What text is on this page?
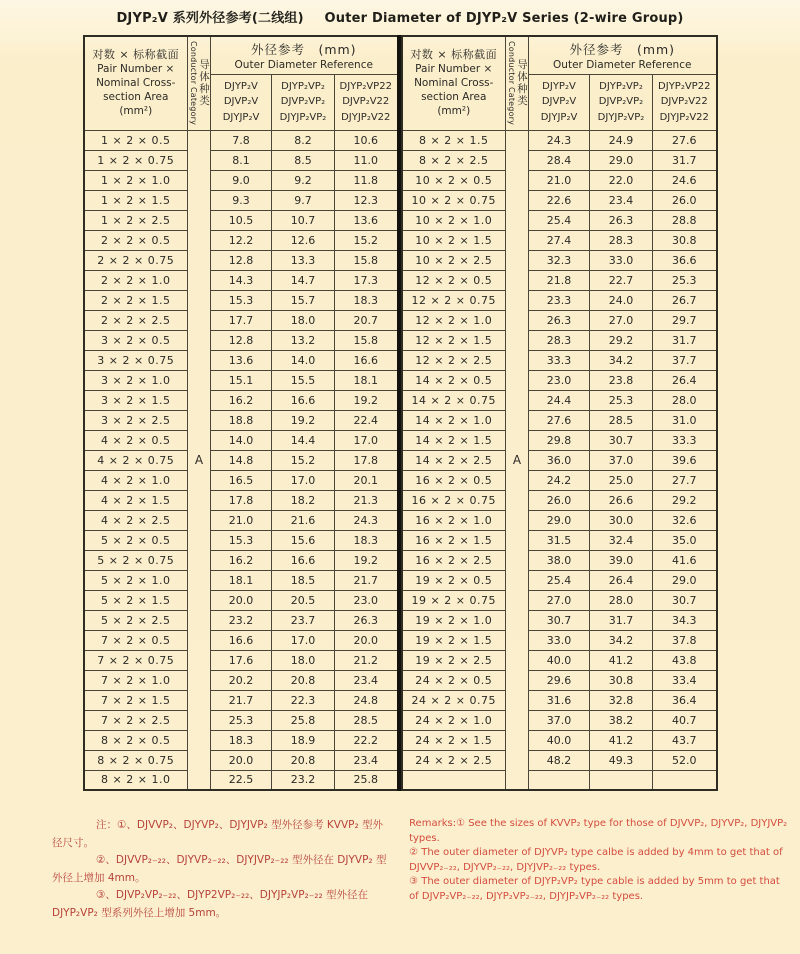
DJYP₂V 系列外径参考(二线组) Outer Diameter of DJYP₂V Series (2-wire Group)
对数 × 标称截面
Pair Number ×
Nominal Cross-
section Area
(mm²)	Conductor Category 导体种类

外径参考　(mm)
Outer Diameter Reference

DJYP₂V
DJVP₂V
DJYJP₂V

DJYP₂VP₂
DJVP₂VP₂
DJYJP₂VP₂

DJYP₂VP22
DJVP₂V22
DJYJP₂V22

1 × 2 × 0.5	A	7.8	8.2	10.6
1 × 2 × 0.75		8.1	8.5	11.0
1 × 2 × 1.0		9.0	9.2	11.8
1 × 2 × 1.5		9.3	9.7	12.3
1 × 2 × 2.5		10.5	10.7	13.6
2 × 2 × 0.5		12.2	12.6	15.2
2 × 2 × 0.75		12.8	13.3	15.8
2 × 2 × 1.0		14.3	14.7	17.3
2 × 2 × 1.5		15.3	15.7	18.3
2 × 2 × 2.5		17.7	18.0	20.7
3 × 2 × 0.5		12.8	13.2	15.8
3 × 2 × 0.75		13.6	14.0	16.6
3 × 2 × 1.0		15.1	15.5	18.1
3 × 2 × 1.5		16.2	16.6	19.2
3 × 2 × 2.5		18.8	19.2	22.4
4 × 2 × 0.5		14.0	14.4	17.0
4 × 2 × 0.75		14.8	15.2	17.8
4 × 2 × 1.0		16.5	17.0	20.1
4 × 2 × 1.5		17.8	18.2	21.3
4 × 2 × 2.5		21.0	21.6	24.3
5 × 2 × 0.5		15.3	15.6	18.3
5 × 2 × 0.75		16.2	16.6	19.2
5 × 2 × 1.0		18.1	18.5	21.7
5 × 2 × 1.5		20.0	20.5	23.0
5 × 2 × 2.5		23.2	23.7	26.3
7 × 2 × 0.5		16.6	17.0	20.0
7 × 2 × 0.75		17.6	18.0	21.2
7 × 2 × 1.0		20.2	20.8	23.4
7 × 2 × 1.5		21.7	22.3	24.8
7 × 2 × 2.5		25.3	25.8	28.5
8 × 2 × 0.5		18.3	18.9	22.2
8 × 2 × 0.75		20.0	20.8	23.4
8 × 2 × 1.0		22.5	23.2	25.8
对数 × 标称截面
Pair Number ×
Nominal Cross-
section Area
(mm²)	Conductor Category 导体种类

外径参考　(mm)
Outer Diameter Reference

DJYP₂V
DJVP₂V
DJYJP₂V

DJYP₂VP₂
DJVP₂VP₂
DJYJP₂VP₂

DJYP₂VP22
DJVP₂V22
DJYJP₂V22

8 × 2 × 1.5	A	24.3	24.9	27.6
8 × 2 × 2.5		28.4	29.0	31.7
10 × 2 × 0.5		21.0	22.0	24.6
10 × 2 × 0.75		22.6	23.4	26.0
10 × 2 × 1.0		25.4	26.3	28.8
10 × 2 × 1.5		27.4	28.3	30.8
10 × 2 × 2.5		32.3	33.0	36.6
12 × 2 × 0.5		21.8	22.7	25.3
12 × 2 × 0.75		23.3	24.0	26.7
12 × 2 × 1.0		26.3	27.0	29.7
12 × 2 × 1.5		28.3	29.2	31.7
12 × 2 × 2.5		33.3	34.2	37.7
14 × 2 × 0.5		23.0	23.8	26.4
14 × 2 × 0.75		24.4	25.3	28.0
14 × 2 × 1.0		27.6	28.5	31.0
14 × 2 × 1.5		29.8	30.7	33.3
14 × 2 × 2.5		36.0	37.0	39.6
16 × 2 × 0.5		24.2	25.0	27.7
16 × 2 × 0.75		26.0	26.6	29.2
16 × 2 × 1.0		29.0	30.0	32.6
16 × 2 × 1.5		31.5	32.4	35.0
16 × 2 × 2.5		38.0	39.0	41.6
19 × 2 × 0.5		25.4	26.4	29.0
19 × 2 × 0.75		27.0	28.0	30.7
19 × 2 × 1.0		30.7	31.7	34.3
19 × 2 × 1.5		33.0	34.2	37.8
19 × 2 × 2.5		40.0	41.2	43.8
24 × 2 × 0.5		29.6	30.8	33.4
24 × 2 × 0.75		31.6	32.8	36.4
24 × 2 × 1.0		37.0	38.2	40.7
24 × 2 × 1.5		40.0	41.2	43.7
24 × 2 × 2.5		48.2	49.3	52.0

注：①、DJVVP₂、DJYVP₂、DJYJVP₂ 型外径参考 KVVP₂ 型外径尺寸。

②、DJVVP₂₋₂₂、DJYVP₂₋₂₂、DJYJVP₂₋₂₂ 型外径在 DJYVP₂ 型外径上增加 4mm。

③、DJVP₂VP₂₋₂₂、DJYP2VP₂₋₂₂、DJYJP₂VP₂₋₂₂ 型外径在 DJYP₂VP₂ 型系列外径上增加 5mm。

Remarks:① See the sizes of KVVP₂ type for those of DJVVP₂, DJYVP₂, DJYJVP₂ types.

② The outer diameter of DJYVP₂ type calbe is added by 4mm to get that of DJVVP₂₋₂₂, DJYVP₂₋₂₂, DJYJVP₂₋₂₂ types.

③ The outer diameter of DJYP₂VP₂ type cable is added by 5mm to get that of DJVP₂VP₂₋₂₂, DJYP₂VP₂₋₂₂, DJYJP₂VP₂₋₂₂ types.
